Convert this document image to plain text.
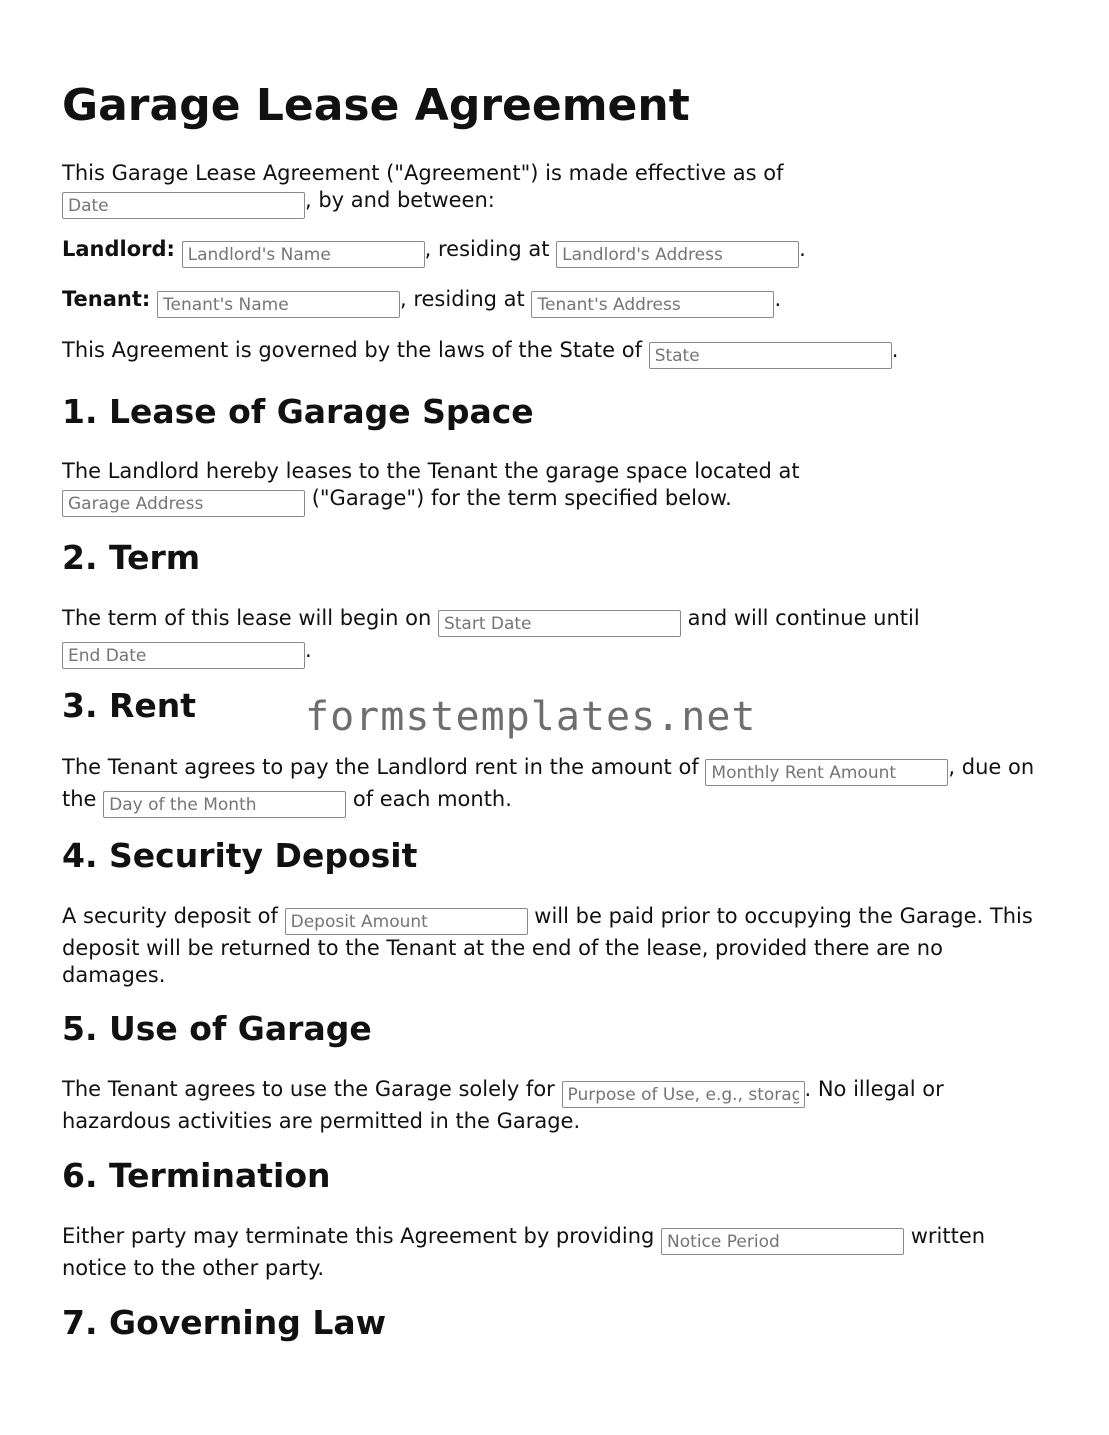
Garage Lease Agreement

This Garage Lease Agreement ("Agreement") is made effective as of
Date, by and between:

Landlord: Landlord's Name	, residing at Landlord's Address	.

Tenant: Tenant's Name	, residing at Tenant's Address	.

This Agreement is governed by the laws of the State of State	.

1. Lease of Garage Space

The Landlord hereby leases to the Tenant the garage space located at
Garage Address ("Garage") for the term specified below.

2. Term

The term of this lease will begin on Start Date	and will continue until
End Date.

3. Rent

The Tenant agrees to pay the Landlord rent in the amount of Monthly Rent Amount	, due on the Day of the Month	of each month.

4. Security Deposit

A security deposit of Deposit Amount	will be paid prior to occupying the Garage. This deposit will be returned to the Tenant at the end of the lease, provided there are no damages.

5. Use of Garage

The Tenant agrees to use the Garage solely for Purpose of Use, e.g., storage	. No illegal or hazardous activities are permitted in the Garage.

6. Termination

Either party may terminate this Agreement by providing Notice Period	written notice to the other party.

7. Governing Law
formstemplates.net
